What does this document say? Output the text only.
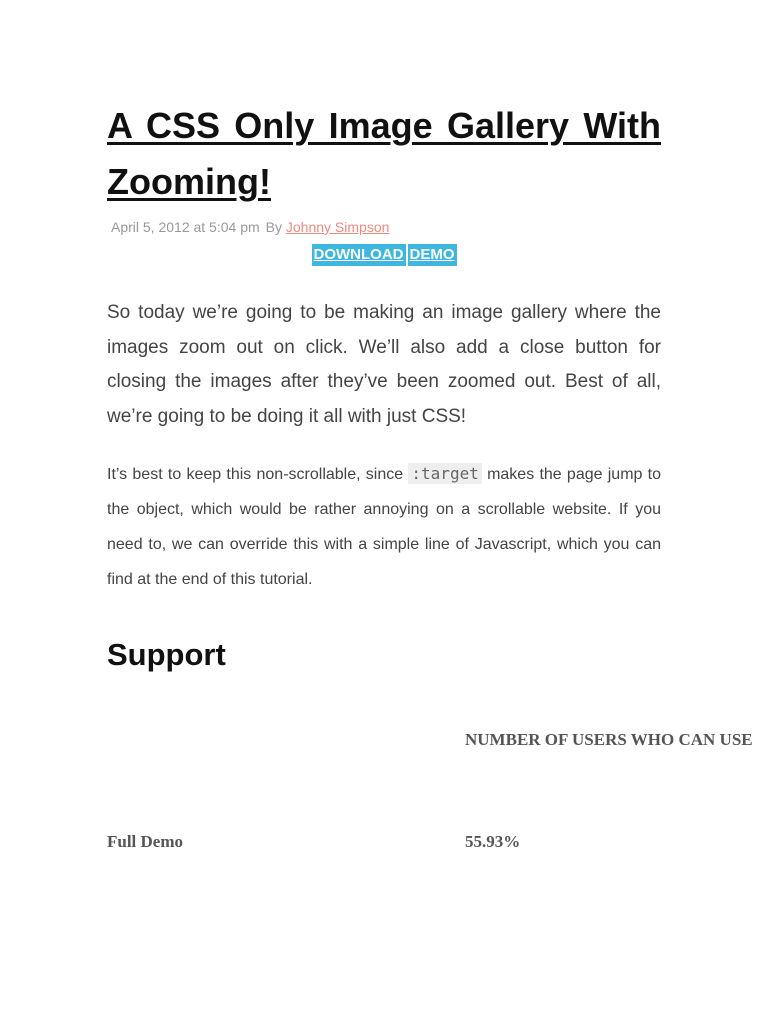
A CSS Only Image Gallery With Zooming!
April 5, 2012 at 5:04 pm By Johnny Simpson
DOWNLOAD DEMO

So today we’re going to be making an image gallery where the images zoom out on click. We’ll also add a close button for closing the images after they’ve been zoomed out. Best of all, we’re going to be doing it all with just CSS!

It’s best to keep this non-scrollable, since :target makes the page jump to the object, which would be rather annoying on a scrollable website. If you need to, we can override this with a simple line of Javascript, which you can find at the end of this tutorial.

Support
NUMBER OF USERS WHO CAN USE
Full Demo	55.93%
